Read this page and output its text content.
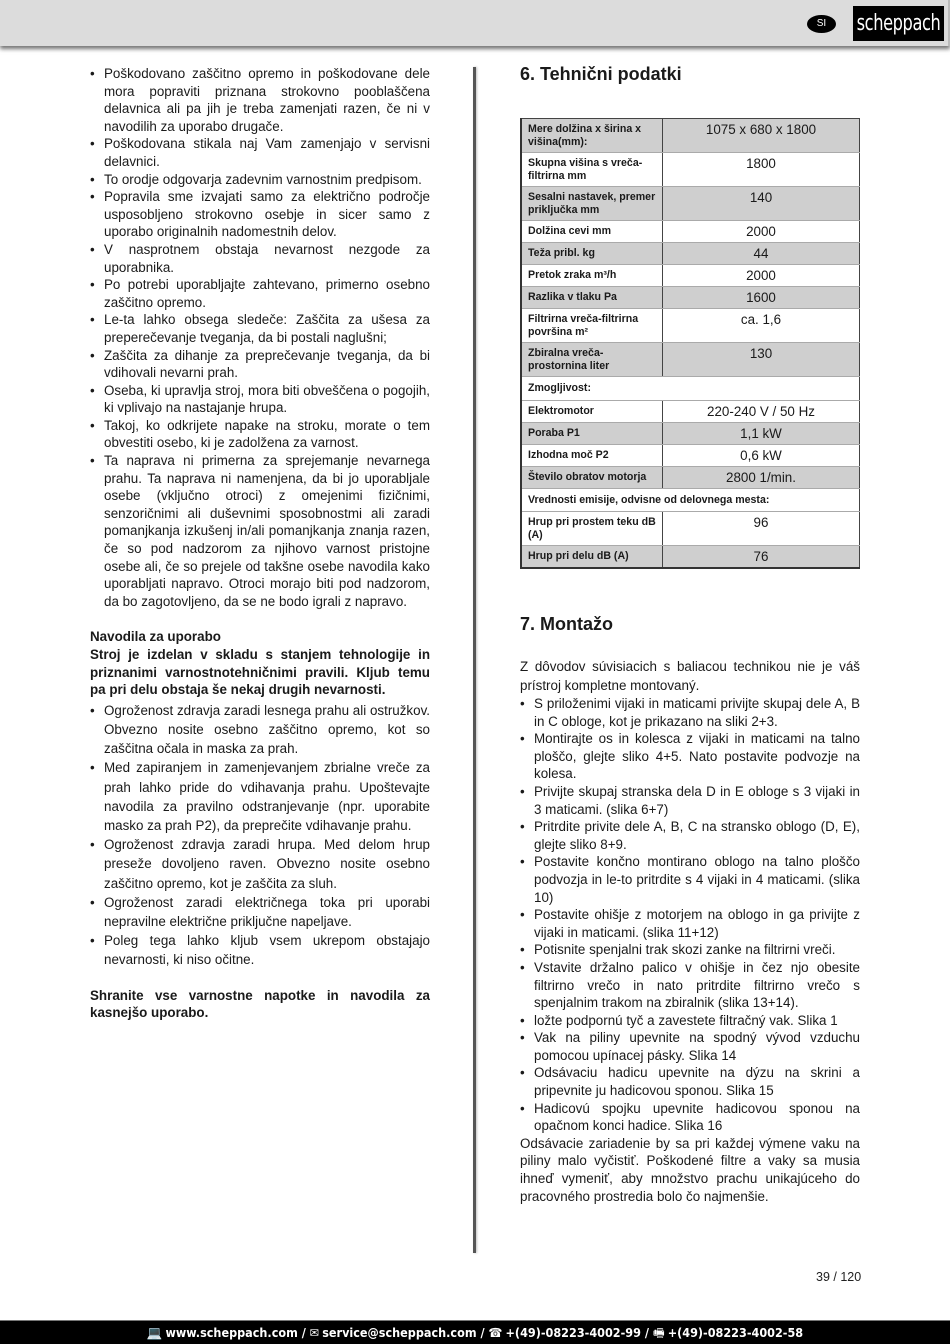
SI	scheppach
• Poškodovano zaščitno opremo in poškodovane dele mora popraviti priznana strokovno pooblaščena delavnica ali pa jih je treba zamenjati razen, če ni v navodilih za uporabo drugače.
• Poškodovana stikala naj Vam zamenjajo v servisni delavnici.
• To orodje odgovarja zadevnim varnostnim predpisom.
• Popravila sme izvajati samo za električno področje usposobljeno strokovno osebje in sicer samo z uporabo originalnih nadomestnih delov.
• V nasprotnem obstaja nevarnost nezgode za uporabnika.
• Po potrebi uporabljajte zahtevano, primerno osebno zaščitno opremo.
• Le-ta lahko obsega sledeče: Zaščita za ušesa za preperečevanje tveganja, da bi postali naglušni;
• Zaščita za dihanje za preprečevanje tveganja, da bi vdihovali nevarni prah.
• Oseba, ki upravlja stroj, mora biti obveščena o pogojih, ki vplivajo na nastajanje hrupa.
• Takoj, ko odkrijete napake na stroku, morate o tem obvestiti osebo, ki je zadolžena za varnost.
• Ta naprava ni primerna za sprejemanje nevarnega prahu. Ta naprava ni namenjena, da bi jo uporabljale osebe (vključno otroci) z omejenimi fizičnimi, senzoričnimi ali duševnimi sposobnostmi ali zaradi pomanjkanja izkušenj in/ali pomanjkanja znanja razen, če so pod nadzorom za njihovo varnost pristojne osebe ali, če so prejele od takšne osebe navodila kako uporabljati napravo. Otroci morajo biti pod nadzorom, da bo zagotovljeno, da se ne bodo igrali z napravo.
Navodila za uporabo
Stroj je izdelan v skladu s stanjem tehnologije in priznanimi varnostnotehničnimi pravili. Kljub temu pa pri delu obstaja še nekaj drugih nevarnosti.
• Ogroženost zdravja zaradi lesnega prahu ali ostružkov. Obvezno nosite osebno zaščitno opremo, kot so zaščitna očala in maska za prah.
• Med zapiranjem in zamenjevanjem zbrialne vreče za prah lahko pride do vdihavanja prahu. Upoštevajte navodila za pravilno odstranjevanje (npr. uporabite masko za prah P2), da preprečite vdihavanje prahu.
• Ogroženost zdravja zaradi hrupa. Med delom hrup preseže dovoljeno raven. Obvezno nosite osebno zaščitno opremo, kot je zaščita za sluh.
• Ogroženost zaradi električnega toka pri uporabi nepravilne električne priključne napeljave.
• Poleg tega lahko kljub vsem ukrepom obstajajo nevarnosti, ki niso očitne.
Shranite vse varnostne napotke in navodila za kasnejšo uporabo.
6. Tehnični podatki
Mere dolžina x širina x višina(mm):	1075 x 680 x 1800
Skupna višina s vreča-filtrirna mm	1800
Sesalni nastavek, premer priključka mm	140
Dolžina cevi mm	2000
Teža pribl. kg	44
Pretok zraka m³/h	2000
Razlika v tlaku Pa	1600
Filtrirna vreča-filtrirna površina m²	ca. 1,6
Zbiralna vreča-prostornina liter	130
Zmogljivost:	
Elektromotor	220-240 V / 50 Hz
Poraba P1	1,1 kW
Izhodna moč P2	0,6 kW
Število obratov motorja	2800 1/min.
Vrednosti emisije, odvisne od delovnega mesta:	
Hrup pri prostem teku dB (A)	96
Hrup pri delu dB (A)	76
7. Montažo
Z dôvodov súvisiacich s baliacou technikou nie je váš prístroj kompletne montovaný.
• S priloženimi vijaki in maticami privijte skupaj dele A, B in C obloge, kot je prikazano na sliki 2+3.
• Montirajte os in kolesca z vijaki in maticami na talno ploščo, glejte sliko 4+5. Nato postavite podvozje na kolesa.
• Privijte skupaj stranska dela D in E obloge s 3 vijaki in 3 maticami. (slika 6+7)
• Pritrdite privite dele A, B, C na stransko oblogo (D, E), glejte sliko 8+9.
• Postavite končno montirano oblogo na talno ploščo podvozja in le-to pritrdite s 4 vijaki in 4 maticami. (slika 10)
• Postavite ohišje z motorjem na oblogo in ga privijte z vijaki in maticami. (slika 11+12)
• Potisnite spenjalni trak skozi zanke na filtrirni vreči.
• Vstavite držalno palico v ohišje in čez njo obesite filtrirno vrečo in nato pritrdite filtrirno vrečo s spenjalnim trakom na zbiralnik (slika 13+14).
• ložte podpornú tyč a zavestete filtračný vak. Slika 1
• Vak na piliny upevnite na spodný vývod vzduchu pomocou upínacej pásky. Slika 14
• Odsávaciu hadicu upevnite na dýzu na skrini a pripevnite ju hadicovou sponou. Slika 15
• Hadicovú spojku upevnite hadicovou sponou na opačnom konci hadice. Slika 16
Odsávacie zariadenie by sa pri každej výmene vaku na piliny malo vyčistiť. Poškodené filtre a vaky sa musia ihneď vymeniť, aby množstvo prachu unikajúceho do pracovného prostredia bolo čo najmenšie.
39 / 120
💻 www.scheppach.com / ✉ service@scheppach.com / ☎ +(49)-08223-4002-99 / 🖷 +(49)-08223-4002-58
